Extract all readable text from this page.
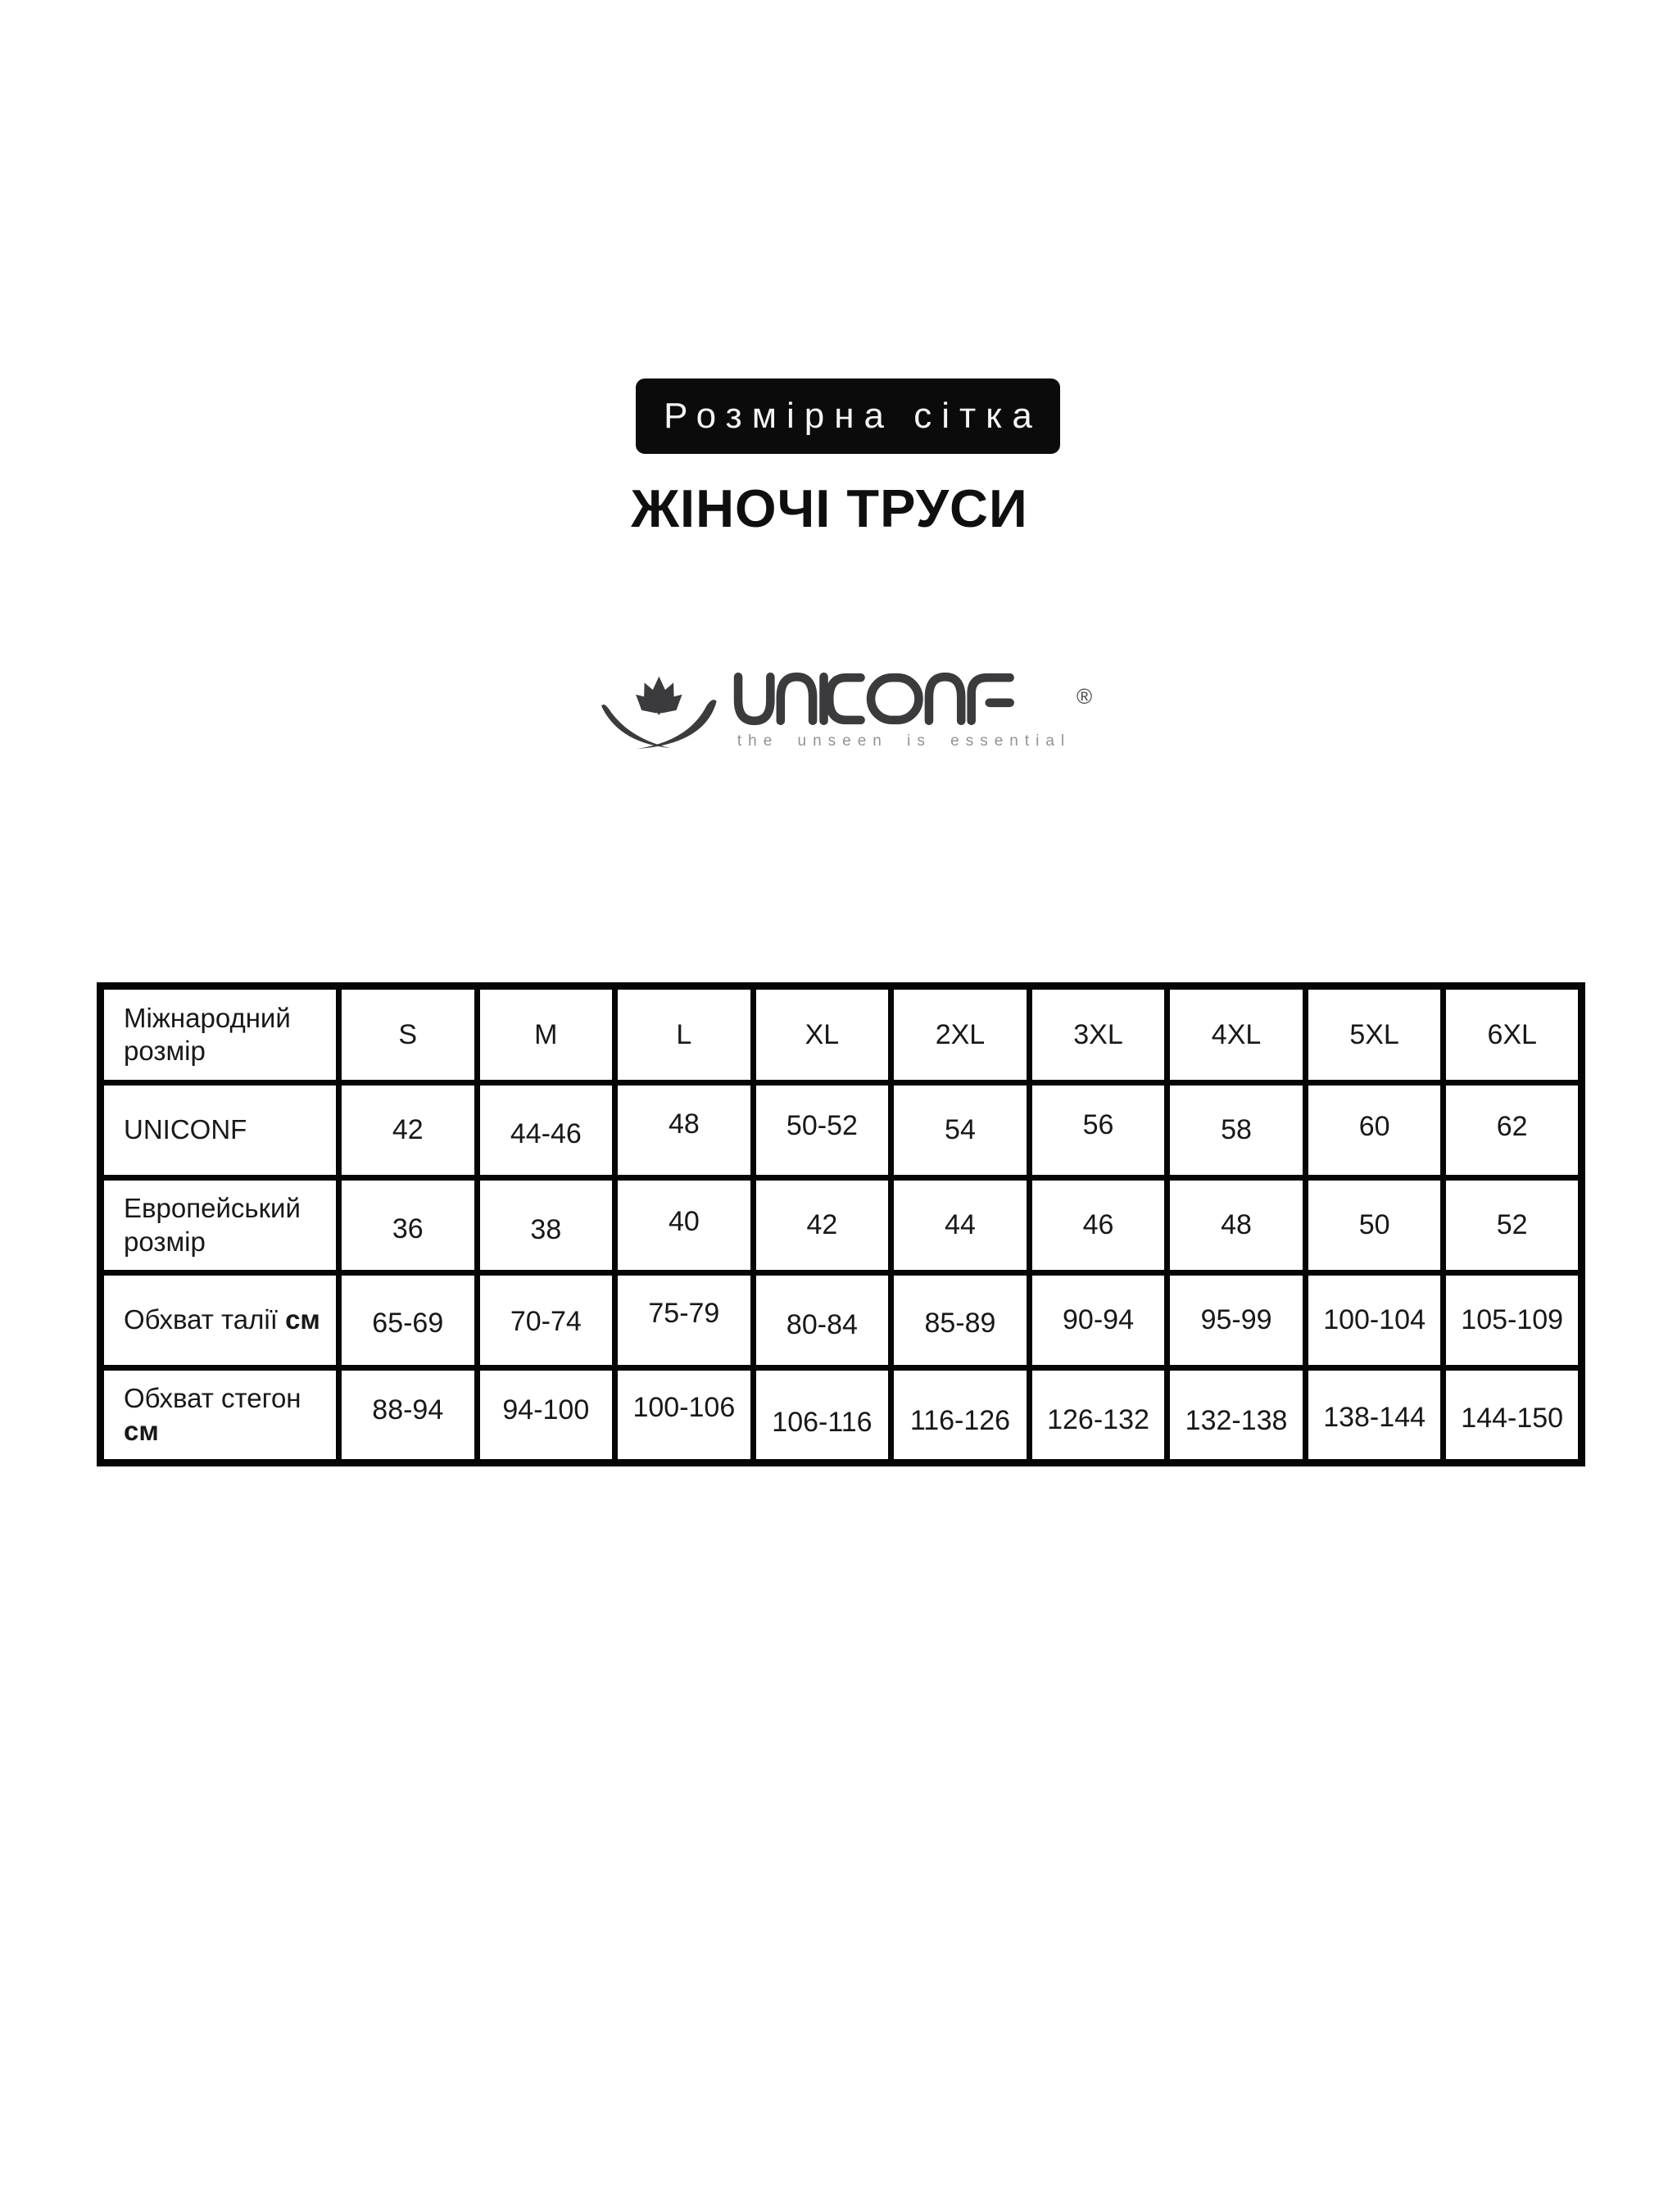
Розмірна сітка
ЖІНОЧІ ТРУСИ
®
the unseen is essential
Міжнародний розмір	S	M	L	XL	2XL	3XL	4XL	5XL	6XL
UNICONF	42	44-46	48	50-52	54	56	58	60	62
Европейський розмір	36	38	40	42	44	46	48	50	52
Обхват талії см	65-69	70-74	75-79	80-84	85-89	90-94	95-99	100-104	105-109
Обхват стегон см	88-94	94-100	100-106	106-116	116-126	126-132	132-138	138-144	144-150
